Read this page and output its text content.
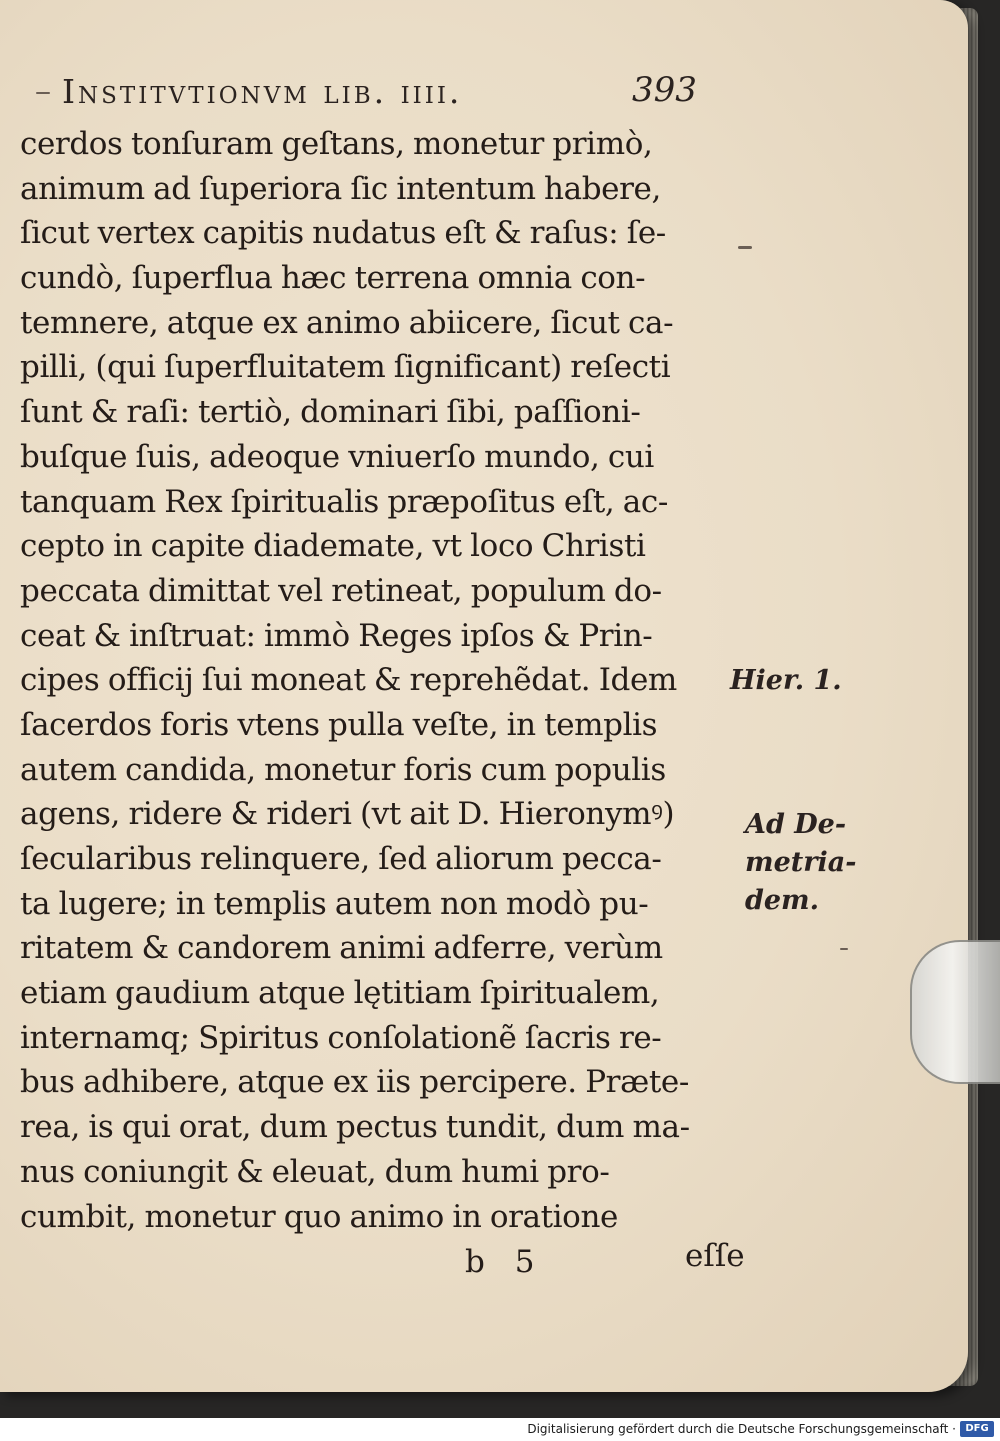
Institvtionvm lib. iiii.	393
cerdos tonſuram geſtans, monetur primò,
animum ad ſuperiora ſic intentum habere,
ſicut vertex capitis nudatus eſt & raſus: ſe-
cundò, ſuperflua hæc terrena omnia con-
temnere, atque ex animo abiicere, ſicut ca-
pilli, (qui ſuperfluitatem ſignificant) reſecti
ſunt & raſi: tertiò, dominari ſibi, paſſioni-
buſque ſuis, adeoque vniuerſo mundo, cui
tanquam Rex ſpiritualis præpoſitus eſt, ac-
cepto in capite diademate, vt loco Christi
peccata dimittat vel retineat, populum do-
ceat & inſtruat: immò Reges ipſos & Prin-
cipes officij ſui moneat & reprehẽdat. Idem
ſacerdos foris vtens pulla veſte, in templis
autem candida, monetur foris cum populis
agens, ridere & rideri (vt ait D. Hieronymꝰ)
ſecularibus relinquere, ſed aliorum pecca-
ta lugere; in templis autem non modò pu-
ritatem & candorem animi adferre, verùm
etiam gaudium atque lętitiam ſpiritualem,
internamq; Spiritus conſolationẽ ſacris re-
bus adhibere, atque ex iis percipere. Præte-
rea, is qui orat, dum pectus tundit, dum ma-
nus coniungit & eleuat, dum humi pro-
cumbit, monetur quo animo in oratione
Hier. 1.
Ad De-
metria-
dem.
b 5	eſſe
Digitalisierung gefördert durch die Deutsche Forschungsgemeinschaft · DFG
